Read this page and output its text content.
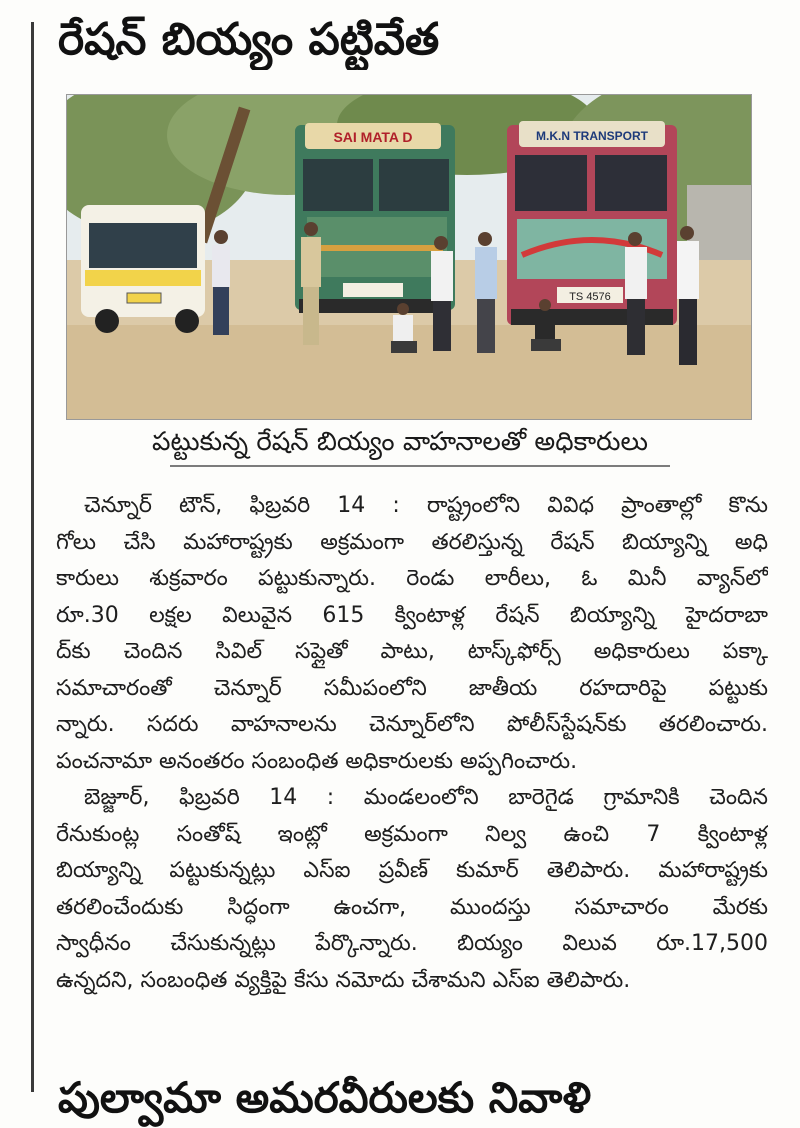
రేషన్ బియ్యం పట్టివేత
SAI MATA D	M.K.N TRANSPORT
TS 4576
పట్టుకున్న రేషన్ బియ్యం వాహనాలతో అధికారులు
చెన్నూర్ టౌన్, ఫిబ్రవరి 14 : రాష్ట్రంలోని వివిధ ప్రాంతాల్లో కొను
గోలు చేసి మహారాష్ట్రకు అక్రమంగా తరలిస్తున్న రేషన్ బియ్యాన్ని అధి
కారులు శుక్రవారం పట్టుకున్నారు. రెండు లారీలు, ఓ మినీ వ్యాన్‌లో
రూ.30 లక్షల విలువైన 615 క్వింటాళ్ల రేషన్ బియ్యాన్ని హైదరాబా
ద్‌కు చెందిన సివిల్ సప్లైతో పాటు, టాస్క్‌ఫోర్స్ అధికారులు పక్కా
సమాచారంతో చెన్నూర్ సమీపంలోని జాతీయ రహదారిపై పట్టుకు
న్నారు. సదరు వాహనాలను చెన్నూర్‌లోని పోలీస్‌స్టేషన్‌కు తరలించారు.
పంచనామా అనంతరం సంబంధిత అధికారులకు అప్పగించారు.
బెజ్జూర్, ఫిబ్రవరి 14 : మండలంలోని బారెగైడ గ్రామానికి చెందిన
రేనుకుంట్ల సంతోష్ ఇంట్లో అక్రమంగా నిల్వ ఉంచి 7 క్వింటాళ్ల
బియ్యాన్ని పట్టుకున్నట్లు ఎస్ఐ ప్రవీణ్ కుమార్ తెలిపారు. మహారాష్ట్రకు
తరలించేందుకు సిద్ధంగా ఉంచగా, ముందస్తు సమాచారం మేరకు
స్వాధీనం చేసుకున్నట్లు పేర్కొన్నారు. బియ్యం విలువ రూ.17,500
ఉన్నదని, సంబంధిత వ్యక్తిపై కేసు నమోదు చేశామని ఎస్ఐ తెలిపారు.
పుల్వామా అమరవీరులకు నివాళి
